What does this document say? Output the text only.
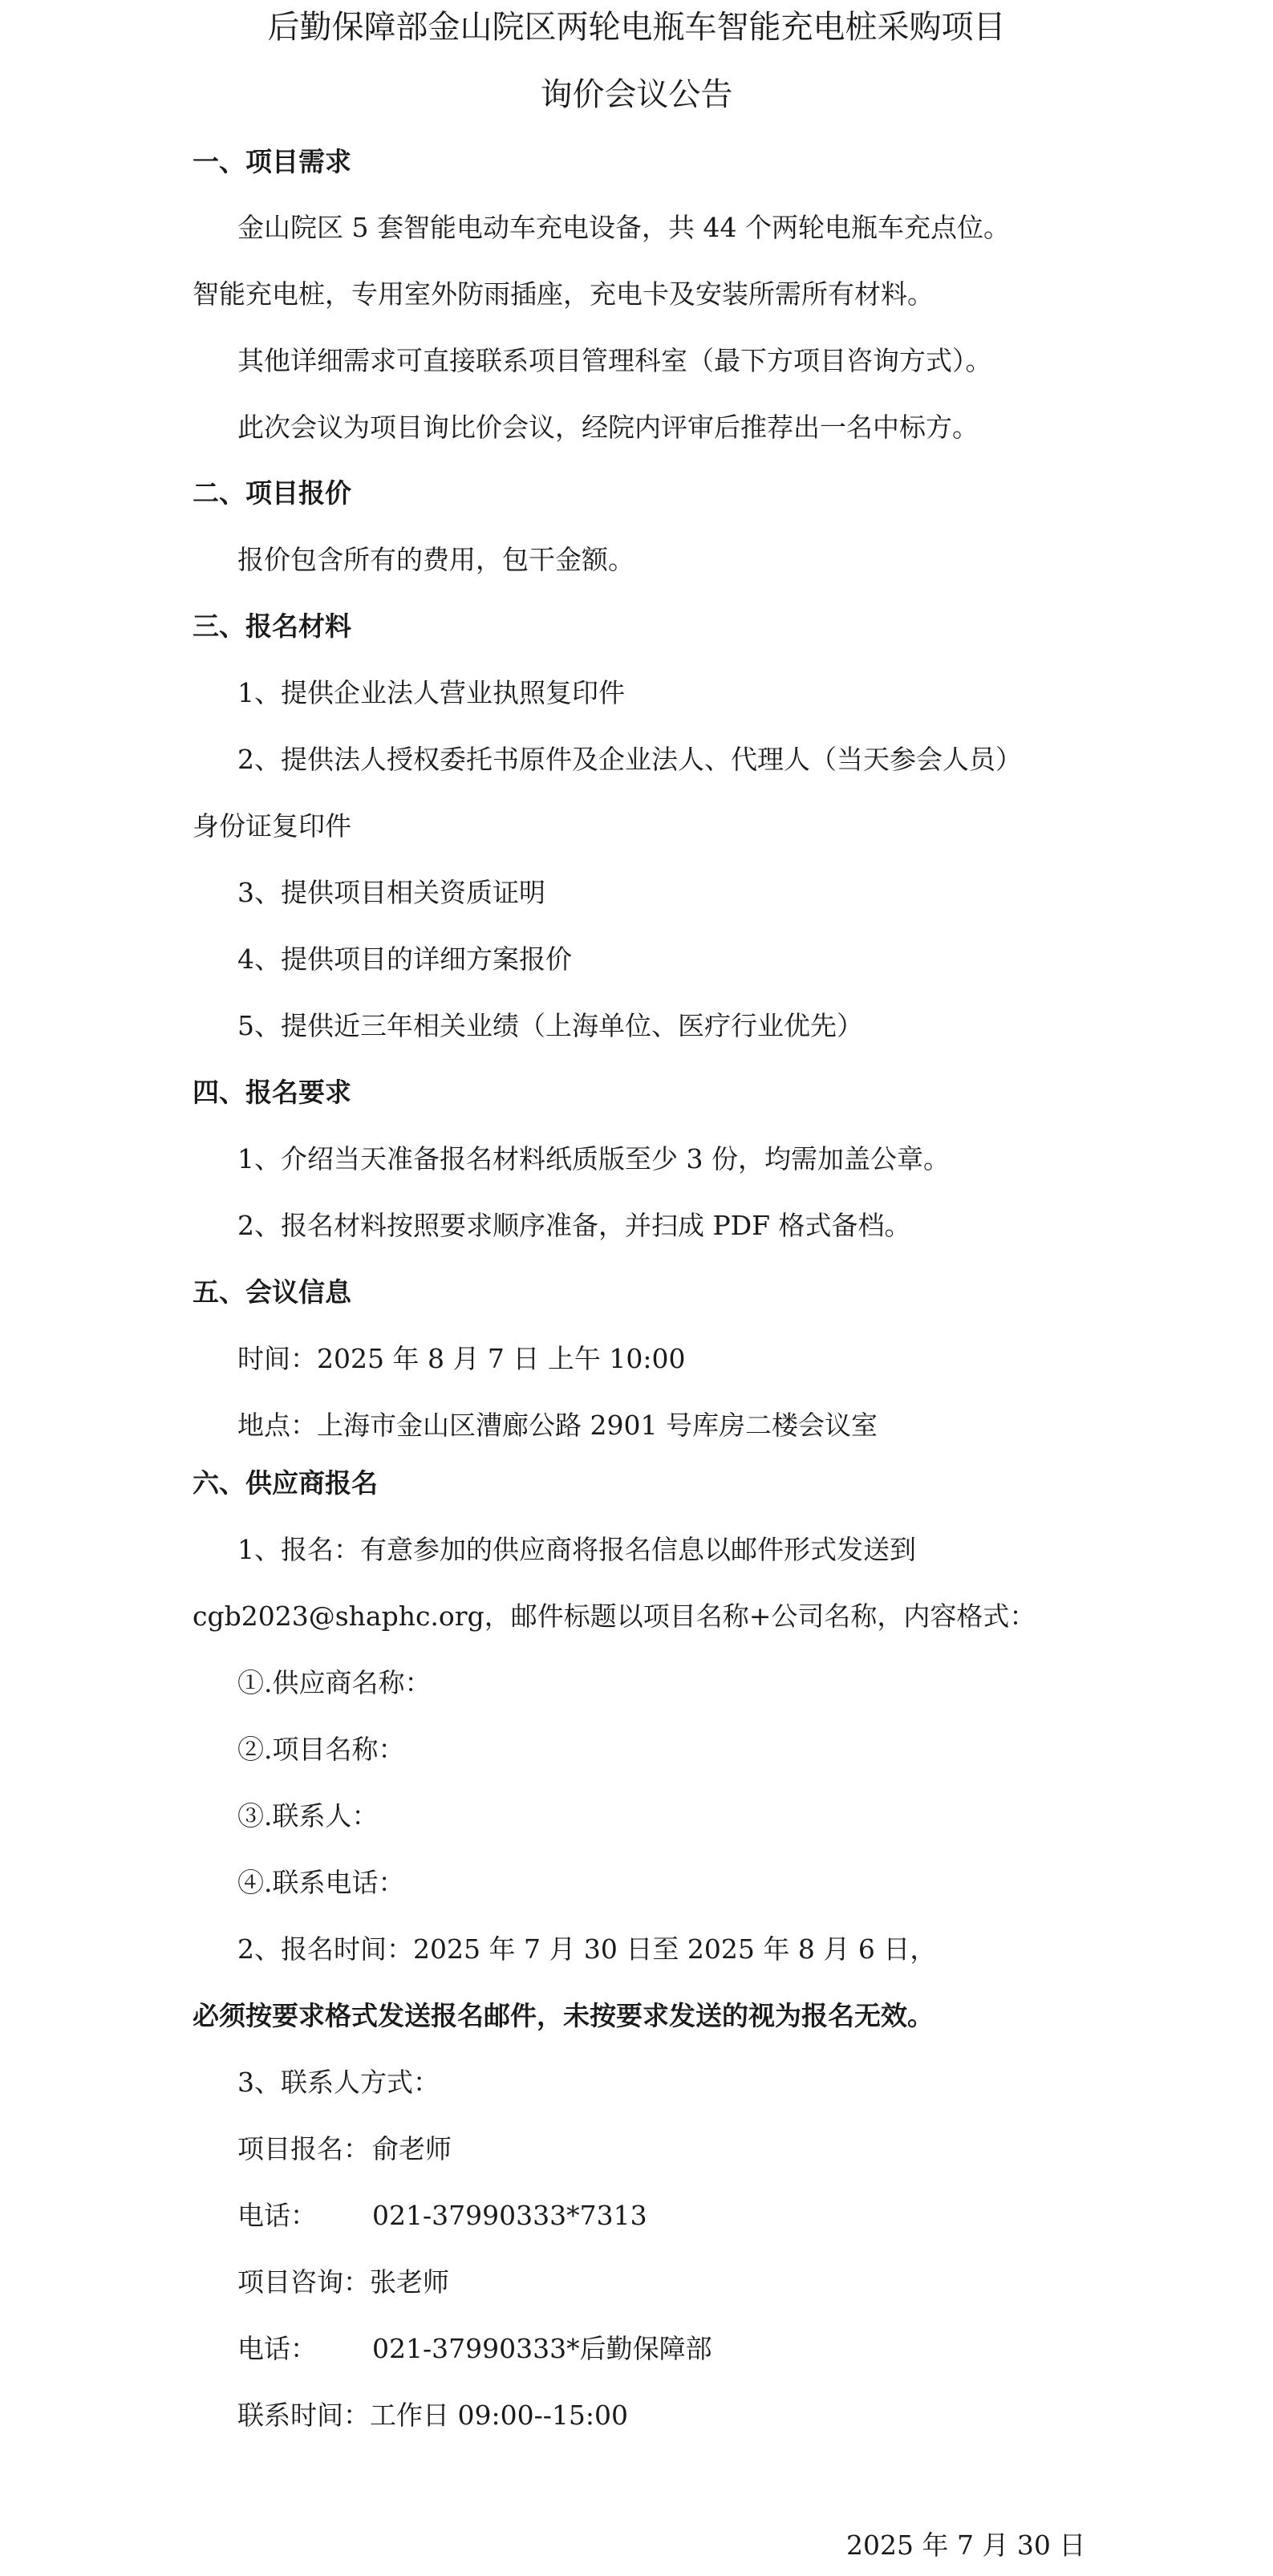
后勤保障部金山院区两轮电瓶车智能充电桩采购项目
询价会议公告

一、项目需求

金山院区 5 套智能电动车充电设备，共 44 个两轮电瓶车充点位。

智能充电桩，专用室外防雨插座，充电卡及安装所需所有材料。

其他详细需求可直接联系项目管理科室（最下方项目咨询方式）。

此次会议为项目询比价会议，经院内评审后推荐出一名中标方。

二、项目报价

报价包含所有的费用，包干金额。

三、报名材料

1、提供企业法人营业执照复印件

2、提供法人授权委托书原件及企业法人、代理人（当天参会人员）

身份证复印件

3、提供项目相关资质证明

4、提供项目的详细方案报价

5、提供近三年相关业绩（上海单位、医疗行业优先）

四、报名要求

1、介绍当天准备报名材料纸质版至少 3 份，均需加盖公章。

2、报名材料按照要求顺序准备，并扫成 PDF 格式备档。

五、会议信息

时间：2025 年 8 月 7 日 上午 10:00

地点：上海市金山区漕廊公路 2901 号库房二楼会议室

六、供应商报名

1、报名：有意参加的供应商将报名信息以邮件形式发送到

cgb2023@shaphc.org，邮件标题以项目名称+公司名称，内容格式：

①.供应商名称：

②.项目名称：

③.联系人：

④.联系电话：

2、报名时间：2025 年 7 月 30 日至 2025 年 8 月 6 日，

必须按要求格式发送报名邮件，未按要求发送的视为报名无效。

3、联系人方式：

项目报名：俞老师

电话： 021-37990333*7313

项目咨询：张老师

电话： 021-37990333*后勤保障部

联系时间：工作日 09:00--15:00

2025 年 7 月 30 日
